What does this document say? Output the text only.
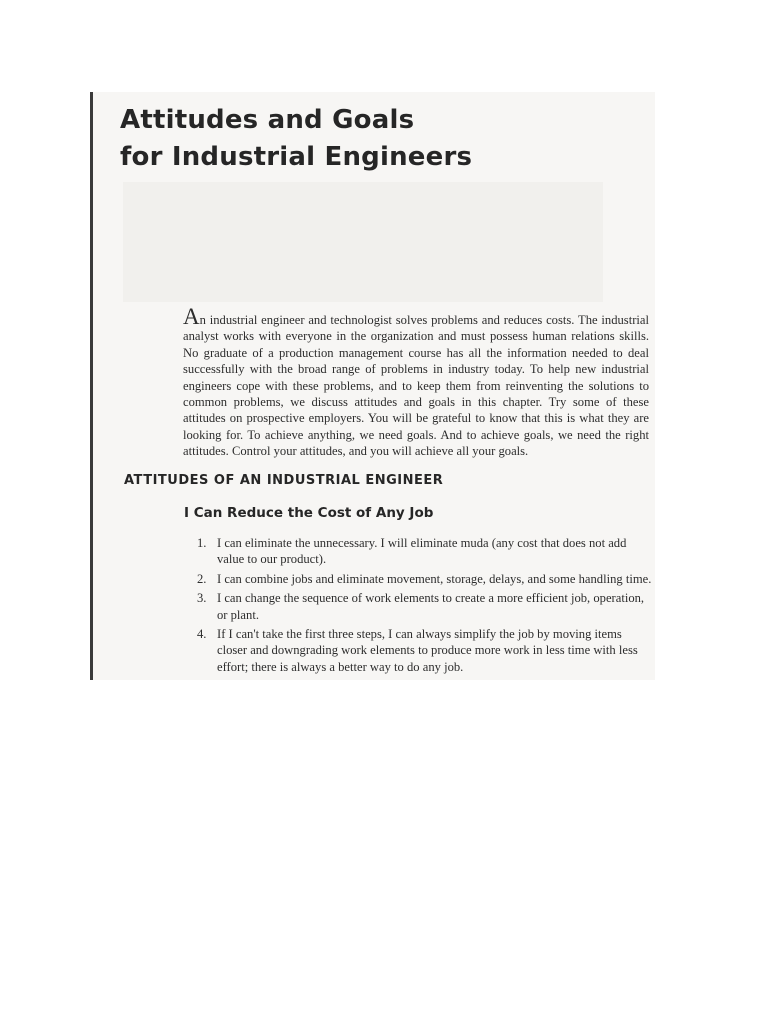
Attitudes and Goals
for Industrial Engineers

An industrial engineer and technologist solves problems and reduces costs. The industrial analyst works with everyone in the organization and must possess human relations skills. No graduate of a production management course has all the information needed to deal successfully with the broad range of problems in industry today. To help new industrial engineers cope with these problems, and to keep them from reinventing the solutions to common problems, we discuss attitudes and goals in this chapter. Try some of these attitudes on prospective employers. You will be grateful to know that this is what they are looking for. To achieve anything, we need goals. And to achieve goals, we need the right attitudes. Control your attitudes, and you will achieve all your goals.

ATTITUDES OF AN INDUSTRIAL ENGINEER
I Can Reduce the Cost of Any Job
1. I can eliminate the unnecessary. I will eliminate muda (any cost that does not add value to our product).
2. I can combine jobs and eliminate movement, storage, delays, and some handling time.
3. I can change the sequence of work elements to create a more efficient job, operation, or plant.
4. If I can't take the first three steps, I can always simplify the job by moving items closer and downgrading work elements to produce more work in less time with less effort; there is always a better way to do any job.
